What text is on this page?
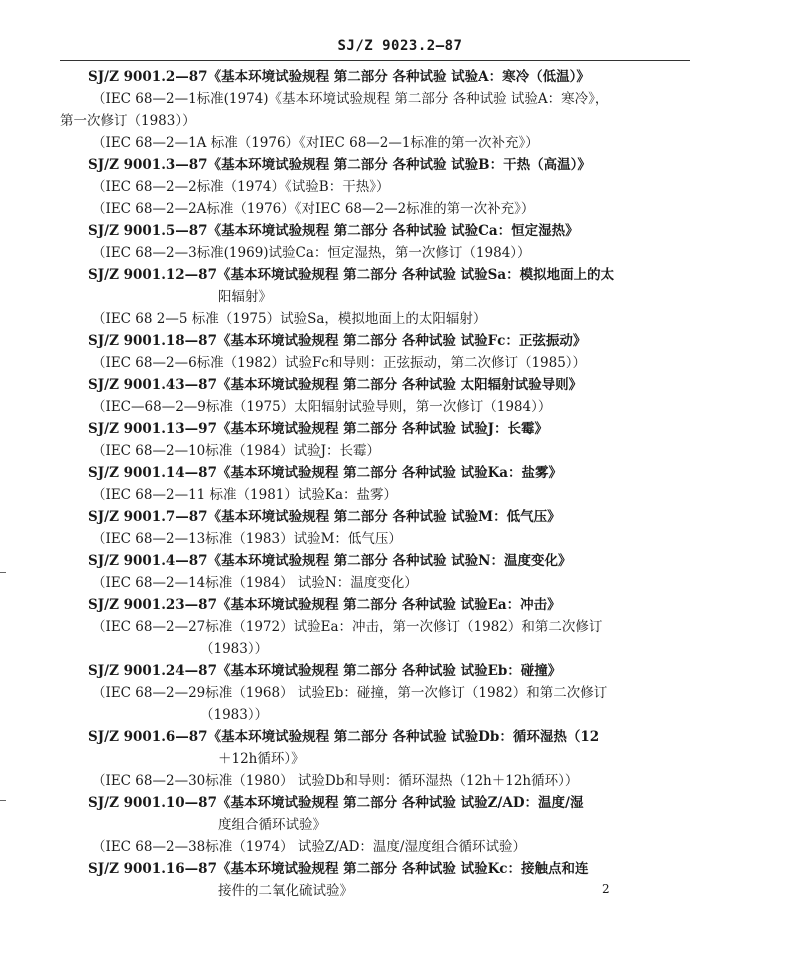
SJ/Z 9023.2—87
SJ/Z 9001.2—87《基本环境试验规程 第二部分 各种试验 试验A：寒冷（低温）》
（IEC 68—2—1标准(1974)《基本环境试验规程 第二部分 各种试验 试验A：寒冷》，
第一次修订（1983））
（IEC 68—2—1A 标准（1976）《对IEC 68—2—1标准的第一次补充》）
SJ/Z 9001.3—87《基本环境试验规程 第二部分 各种试验 试验B：干热（高温）》
（IEC 68—2—2标准（1974）《试验B：干热》）
（IEC 68—2—2A标准（1976）《对IEC 68—2—2标准的第一次补充》）
SJ/Z 9001.5—87《基本环境试验规程 第二部分 各种试验 试验Ca：恒定湿热》
（IEC 68—2—3标准(1969)试验Ca：恒定湿热，第一次修订（1984））
SJ/Z 9001.12—87《基本环境试验规程 第二部分 各种试验 试验Sa：模拟地面上的太
阳辐射》
（IEC 68 2—5 标准（1975）试验Sa，模拟地面上的太阳辐射）
SJ/Z 9001.18—87《基本环境试验规程 第二部分 各种试验 试验Fc：正弦振动》
（IEC 68—2—6标准（1982）试验Fc和导则：正弦振动，第二次修订（1985））
SJ/Z 9001.43—87《基本环境试验规程 第二部分 各种试验 太阳辐射试验导则》
（IEC—68—2—9标准（1975）太阳辐射试验导则，第一次修订（1984））
SJ/Z 9001.13—97《基本环境试验规程 第二部分 各种试验 试验J：长霉》
（IEC 68—2—10标准（1984）试验J：长霉）
SJ/Z 9001.14—87《基本环境试验规程 第二部分 各种试验 试验Ka：盐雾》
（IEC 68—2—11 标准（1981）试验Ka：盐雾）
SJ/Z 9001.7—87《基本环境试验规程 第二部分 各种试验 试验M：低气压》
（IEC 68—2—13标准（1983）试验M：低气压）
SJ/Z 9001.4—87《基本环境试验规程 第二部分 各种试验 试验N：温度变化》
（IEC 68—2—14标准（1984） 试验N：温度变化）
SJ/Z 9001.23—87《基本环境试验规程 第二部分 各种试验 试验Ea：冲击》
（IEC 68—2—27标准（1972）试验Ea：冲击，第一次修订（1982）和第二次修订
（1983））
SJ/Z 9001.24—87《基本环境试验规程 第二部分 各种试验 试验Eb：碰撞》
（IEC 68—2—29标准（1968） 试验Eb：碰撞，第一次修订（1982）和第二次修订
（1983））
SJ/Z 9001.6—87《基本环境试验规程 第二部分 各种试验 试验Db：循环湿热（12
＋12h循环）》
（IEC 68—2—30标准（1980） 试验Db和导则：循环湿热（12h＋12h循环））
SJ/Z 9001.10—87《基本环境试验规程 第二部分 各种试验 试验Z/AD：温度/湿
度组合循环试验》
（IEC 68—2—38标准（1974） 试验Z/AD：温度/湿度组合循环试验）
SJ/Z 9001.16—87《基本环境试验规程 第二部分 各种试验 试验Kc：接触点和连
接件的二氧化硫试验》	2
